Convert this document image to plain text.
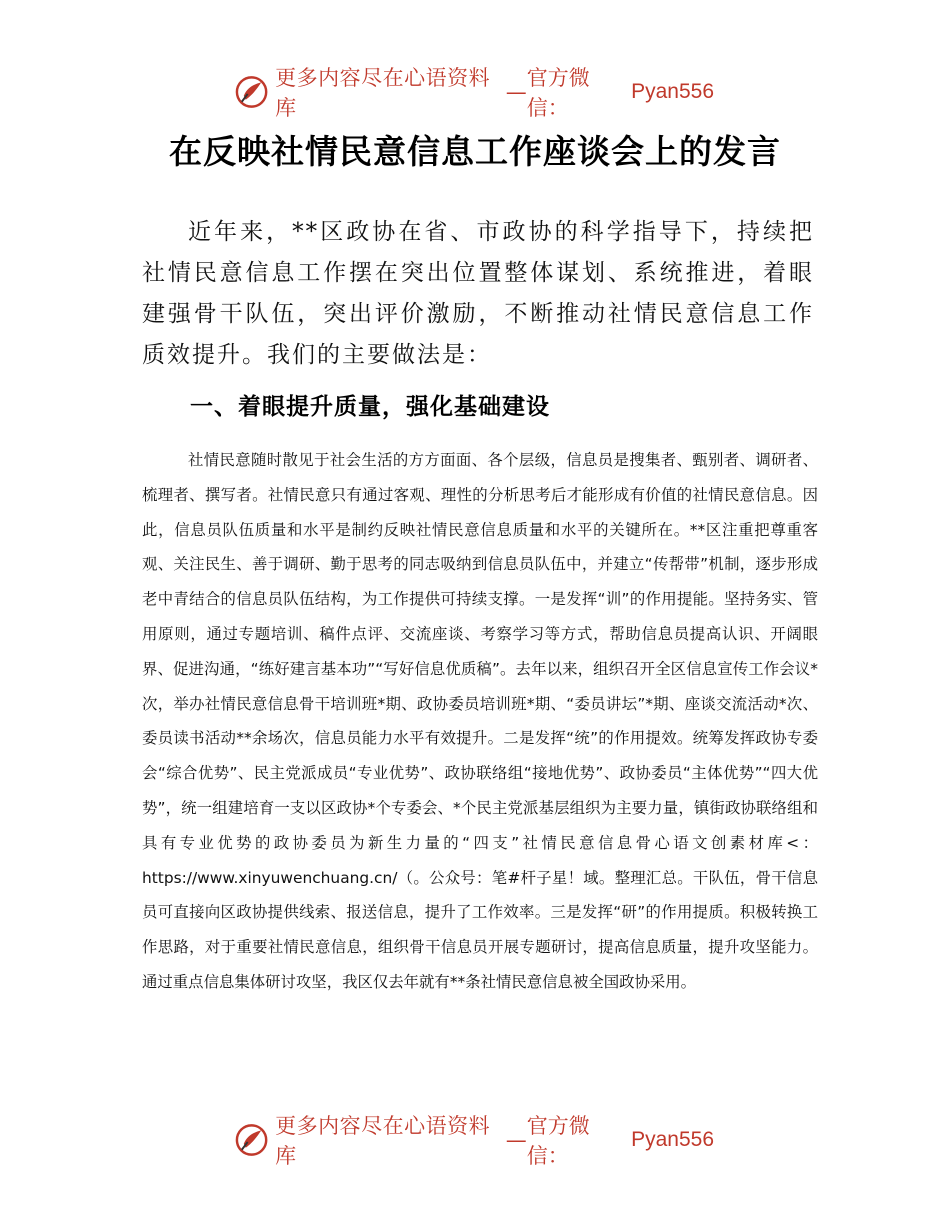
更多内容尽在心语资料库
—
官方微信：
Pyan556
在反映社情民意信息工作座谈会上的发言

近年来，**区政协在省、市政协的科学指导下，持续把社情民意信息工作摆在突出位置整体谋划、系统推进，着眼建强骨干队伍，突出评价激励，不断推动社情民意信息工作质效提升。我们的主要做法是：

一、着眼提升质量，强化基础建设

社情民意随时散见于社会生活的方方面面、各个层级，信息员是搜集者、甄别者、调研者、梳理者、撰写者。社情民意只有通过客观、理性的分析思考后才能形成有价值的社情民意信息。因此，信息员队伍质量和水平是制约反映社情民意信息质量和水平的关键所在。**区注重把尊重客观、关注民生、善于调研、勤于思考的同志吸纳到信息员队伍中，并建立“传帮带”机制，逐步形成老中青结合的信息员队伍结构，为工作提供可持续支撑。一是发挥“训”的作用提能。坚持务实、管用原则，通过专题培训、稿件点评、交流座谈、考察学习等方式，帮助信息员提高认识、开阔眼界、促进沟通，“练好建言基本功”“写好信息优质稿”。去年以来，组织召开全区信息宣传工作会议*次，举办社情民意信息骨干培训班*期、政协委员培训班*期、“委员讲坛”*期、座谈交流活动*次、委员读书活动**余场次，信息员能力水平有效提升。二是发挥“统”的作用提效。统筹发挥政协专委会“综合优势”、民主党派成员“专业优势”、政协联络组“接地优势”、政协委员“主体优势”“四大优势”，统一组建培育一支以区政协*个专委会、*个民主党派基层组织为主要力量，镇街政协联络组和具有专业优势的政协委员为新生力量的“四支”社情民意信息骨心语文创素材库<：https://www.xinyuwenchuang.cn/（。公众号：笔#杆子星！域。整理汇总。干队伍，骨干信息员可直接向区政协提供线索、报送信息，提升了工作效率。三是发挥“研”的作用提质。积极转换工作思路，对于重要社情民意信息，组织骨干信息员开展专题研讨，提高信息质量，提升攻坚能力。通过重点信息集体研讨攻坚，我区仅去年就有**条社情民意信息被全国政协采用。

更多内容尽在心语资料库
—
官方微信：
Pyan556
